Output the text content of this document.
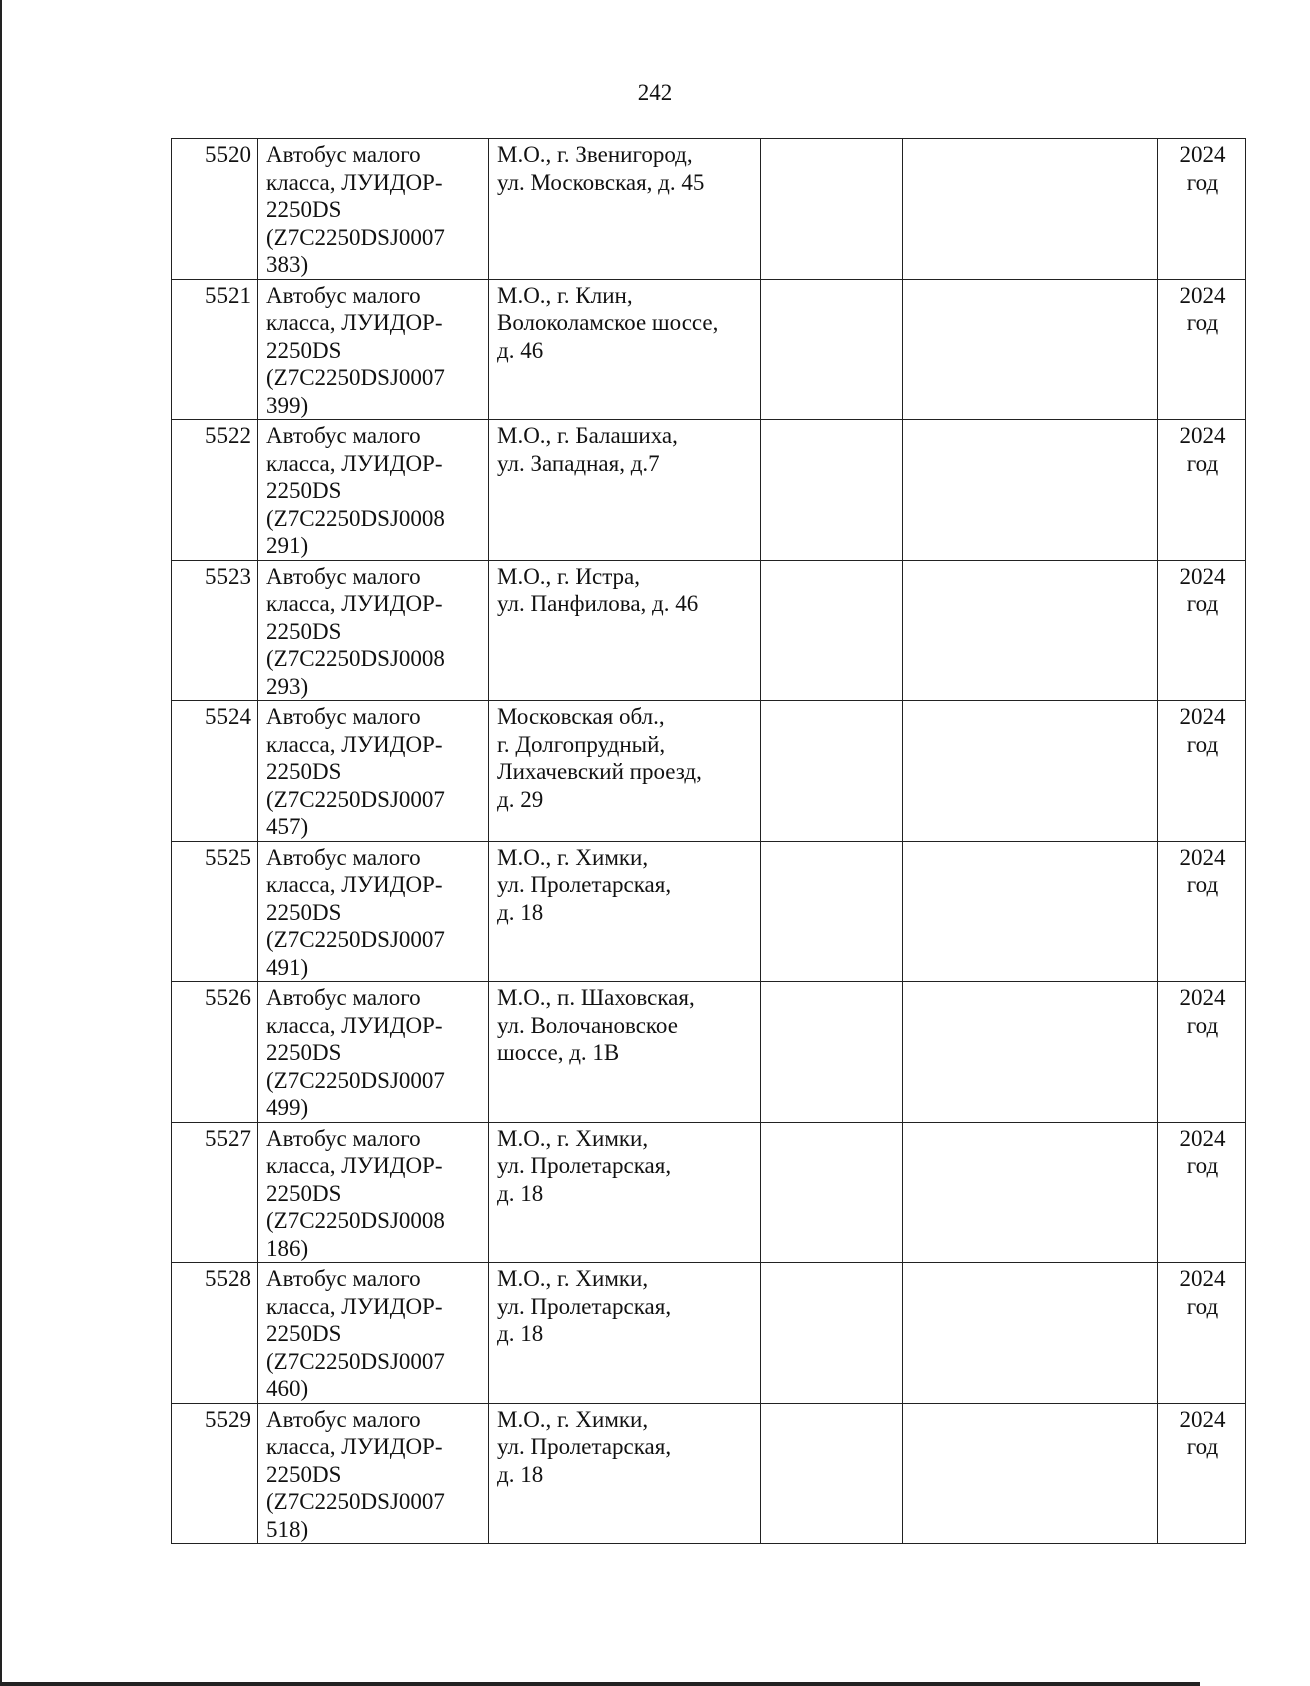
242
5520	Автобус малого
класса, ЛУИДОР-
2250DS
(Z7C2250DSJ0007
383)	М.О., г. Звенигород,
ул. Московская, д. 45			2024
год

5521	Автобус малого
класса, ЛУИДОР-
2250DS
(Z7C2250DSJ0007
399)	М.О., г. Клин,
Волоколамское шоссе,
д. 46			2024
год

5522	Автобус малого
класса, ЛУИДОР-
2250DS
(Z7C2250DSJ0008
291)	М.О., г. Балашиха,
ул. Западная, д.7			2024
год

5523	Автобус малого
класса, ЛУИДОР-
2250DS
(Z7C2250DSJ0008
293)	М.О., г. Истра,
ул. Панфилова, д. 46			2024
год

5524	Автобус малого
класса, ЛУИДОР-
2250DS
(Z7C2250DSJ0007
457)	Московская обл.,
г. Долгопрудный,
Лихачевский проезд,
д. 29			2024
год

5525	Автобус малого
класса, ЛУИДОР-
2250DS
(Z7C2250DSJ0007
491)	М.О., г. Химки,
ул. Пролетарская,
д. 18			2024
год

5526	Автобус малого
класса, ЛУИДОР-
2250DS
(Z7C2250DSJ0007
499)	М.О., п. Шаховская,
ул. Волочановское
шоссе, д. 1В			2024
год

5527	Автобус малого
класса, ЛУИДОР-
2250DS
(Z7C2250DSJ0008
186)	М.О., г. Химки,
ул. Пролетарская,
д. 18			2024
год

5528	Автобус малого
класса, ЛУИДОР-
2250DS
(Z7C2250DSJ0007
460)	М.О., г. Химки,
ул. Пролетарская,
д. 18			2024
год

5529	Автобус малого
класса, ЛУИДОР-
2250DS
(Z7C2250DSJ0007
518)	М.О., г. Химки,
ул. Пролетарская,
д. 18			2024
год
